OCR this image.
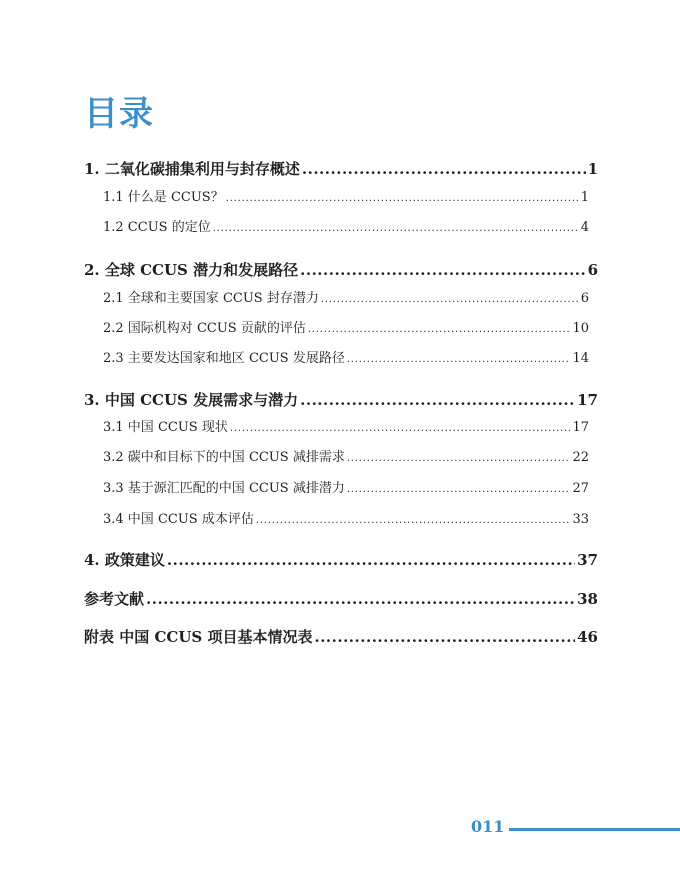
目录
1. 二氧化碳捕集利用与封存概述 .....	1
1.1 什么是 CCUS？ .....	1
1.2 CCUS 的定位 .....	4
2. 全球 CCUS 潜力和发展路径 .....	6
2.1 全球和主要国家 CCUS 封存潜力 .....	6
2.2 国际机构对 CCUS 贡献的评估 .....	10
2.3 主要发达国家和地区 CCUS 发展路径 .....	14
3. 中国 CCUS 发展需求与潜力 .....	17
3.1 中国 CCUS 现状 .....	17
3.2 碳中和目标下的中国 CCUS 减排需求 .....	22
3.3 基于源汇匹配的中国 CCUS 减排潜力 .....	27
3.4 中国 CCUS 成本评估 .....	33
4. 政策建议 .....	37
参考文献 .....	38
附表 中国 CCUS 项目基本情况表 .....	46
011
